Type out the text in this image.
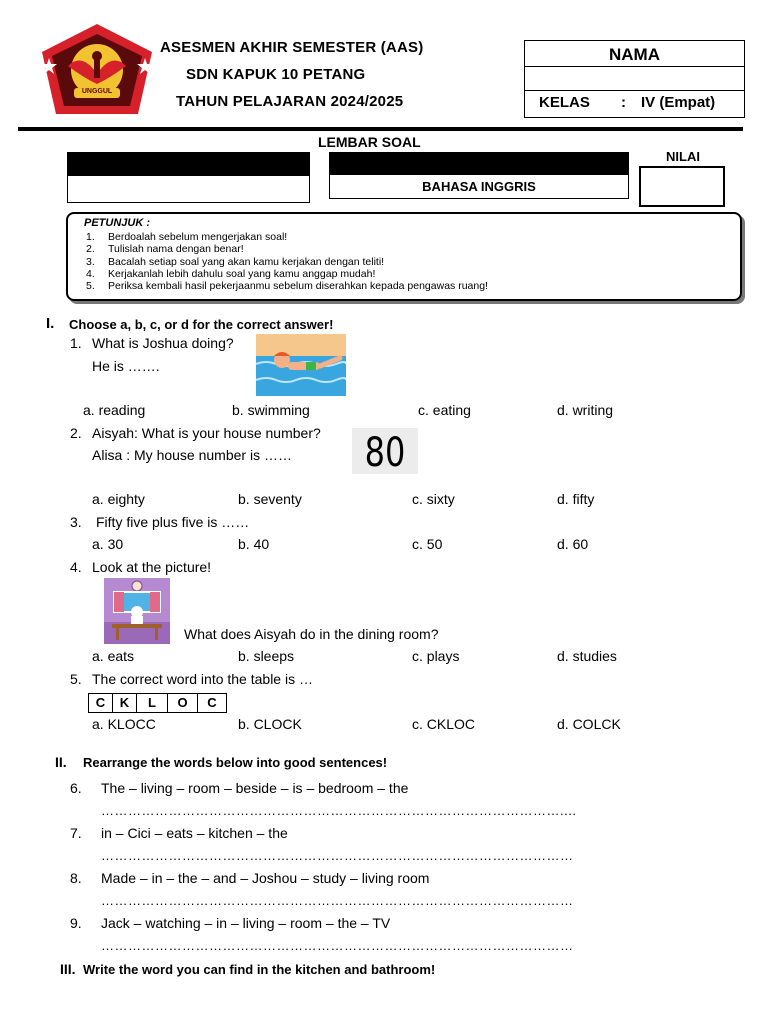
UNGGUL
ASESMEN AKHIR SEMESTER (AAS)
SDN KAPUK 10 PETANG
TAHUN PELAJARAN 2024/2025
NAMA
KELAS : IV (Empat)
LEMBAR SOAL
BAHASA INGGRIS
NILAI
PETUNJUK :
1. Berdoalah sebelum mengerjakan soal!
2. Tulislah nama dengan benar!
3. Bacalah setiap soal yang akan kamu kerjakan dengan teliti!
4. Kerjakanlah lebih dahulu soal yang kamu anggap mudah!
5. Periksa kembali hasil pekerjaanmu sebelum diserahkan kepada pengawas ruang!
I. Choose a, b, c, or d for the correct answer!
1. What is Joshua doing?
He is …….
a. reading	b. swimming	c. eating	d. writing
2. Aisyah: What is your house number?
Alisa : My house number is …… 80
a. eighty	b. seventy	c. sixty	d. fifty
3. Fifty five plus five is ……
a. 30	b. 40	c. 50	d. 60
4. Look at the picture!
What does Aisyah do in the dining room?
a. eats	b. sleeps	c. plays	d. studies
5. The correct word into the table is …
C	K	L	O	C
a. KLOCC	b. CLOCK	c. CKLOC	d. COLCK
II. Rearrange the words below into good sentences!
6. The – living – room – beside – is – bedroom – the
…………………………………………………………………………………………....
7. in – Cici – eats – kitchen – the
……………………………………………………………………………………………
8. Made – in – the – and – Joshou – study – living room
……………………………………………………………………………………………
9. Jack – watching – in – living – room – the – TV
……………………………………………………………………………………………
III. Write the word you can find in the kitchen and bathroom!
